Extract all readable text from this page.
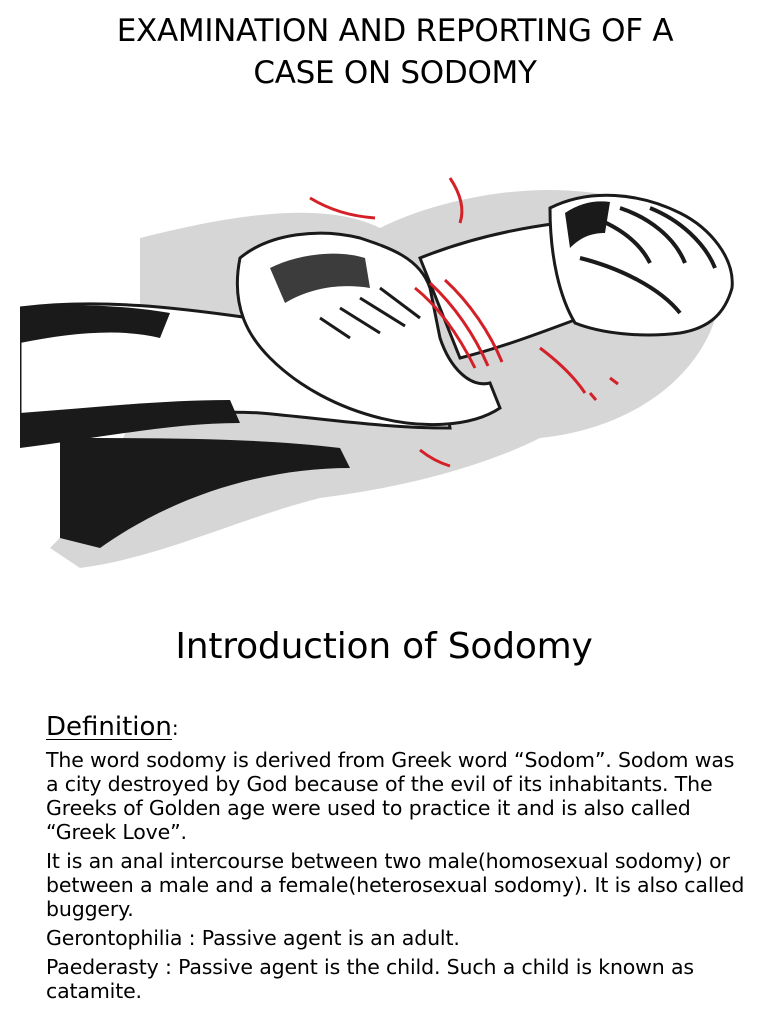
EXAMINATION AND REPORTING OF A
CASE ON SODOMY
Introduction of Sodomy
Definition:

The word sodomy is derived from Greek word “Sodom”. Sodom was a city destroyed by God because of the evil of its inhabitants. The Greeks of Golden age were used to practice it and is also called “Greek Love”.

It is an anal intercourse between two male(homosexual sodomy) or between a male and a female(heterosexual sodomy). It is also called buggery.

Gerontophilia : Passive agent is an adult.

Paederasty : Passive agent is the child. Such a child is known as catamite.
